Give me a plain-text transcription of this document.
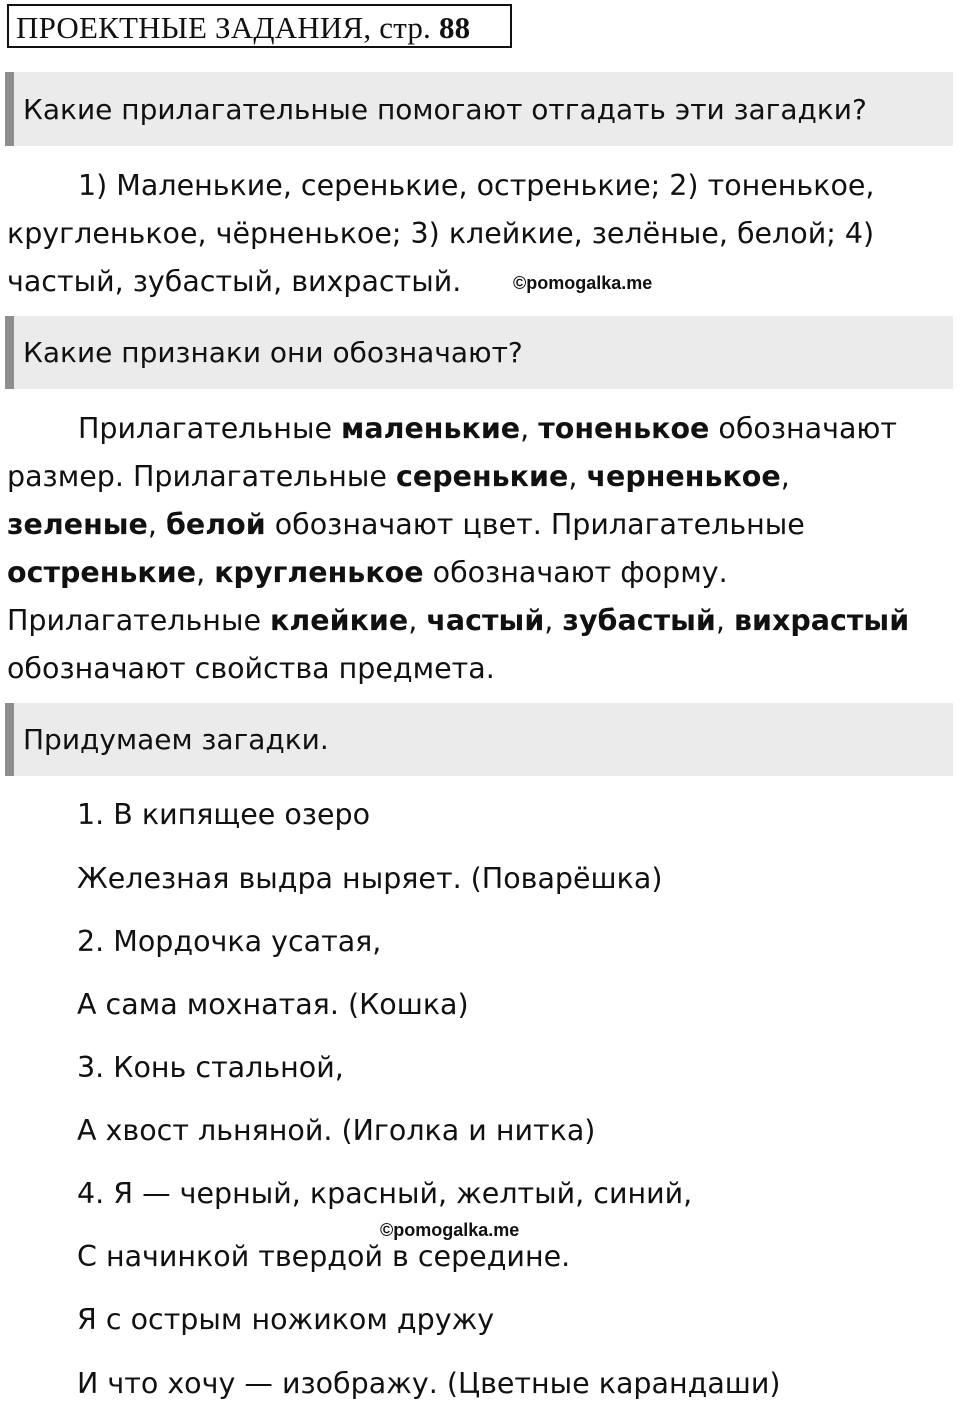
ПРОЕКТНЫЕ ЗАДАНИЯ, стр. 88
Какие прилагательные помогают отгадать эти загадки?

1) Маленькие, серенькие, остренькие; 2) тоненькое, кругленькое, чёрненькое; 3) клейкие, зелёные, белой; 4) частый, зубастый, вихрастый.	©pomogalka.me
Какие признаки они обозначают?

Прилагательные маленькие, тоненькое обозначают размер. Прилагательные серенькие, черненькое,
зеленые, белой обозначают цвет. Прилагательные
остренькие, кругленькое обозначают форму. Прилагательные клейкие, частый, зубастый, вихрастый обозначают свойства предмета.

Придумаем загадки.

1. В кипящее озеро

Железная выдра ныряет. (Поварёшка)

2. Мордочка усатая,

А сама мохнатая. (Кошка)

3. Конь стальной,

А хвост льняной. (Иголка и нитка)

4. Я — черный, красный, желтый, синий,

©pomogalka.me

С начинкой твердой в середине.

Я с острым ножиком дружу

И что хочу — изображу. (Цветные карандаши)
